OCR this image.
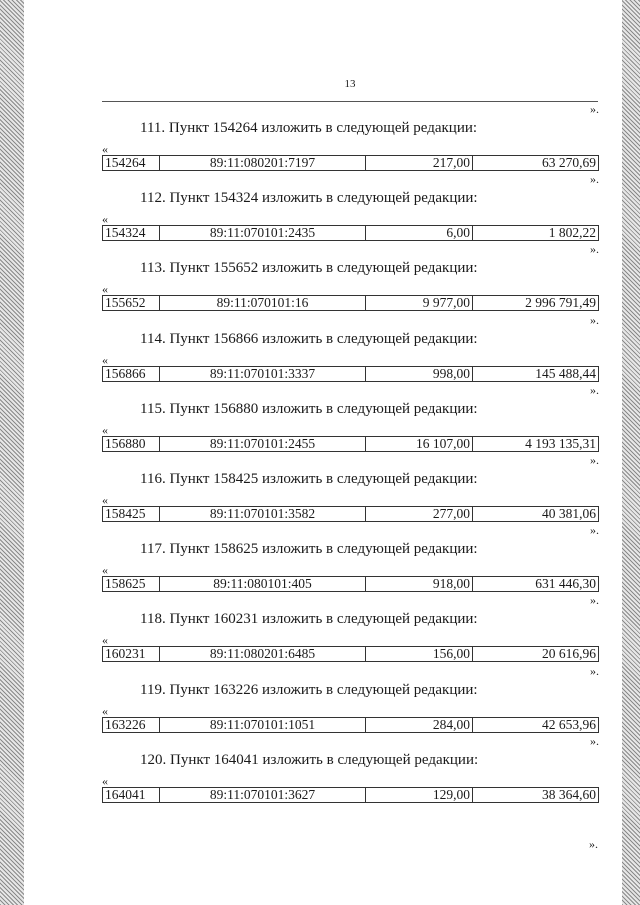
13
».
111. Пункт 154264 изложить в следующей редакции:
«
154264	89:11:080201:7197	217,00	63 270,69
».
112. Пункт 154324 изложить в следующей редакции:
«
154324	89:11:070101:2435	6,00	1 802,22
».
113. Пункт 155652 изложить в следующей редакции:
«
155652	89:11:070101:16	9 977,00	2 996 791,49
».
114. Пункт 156866 изложить в следующей редакции:
«
156866	89:11:070101:3337	998,00	145 488,44
».
115. Пункт 156880 изложить в следующей редакции:
«
156880	89:11:070101:2455	16 107,00	4 193 135,31
».
116. Пункт 158425 изложить в следующей редакции:
«
158425	89:11:070101:3582	277,00	40 381,06
».
117. Пункт 158625 изложить в следующей редакции:
«
158625	89:11:080101:405	918,00	631 446,30
».
118. Пункт 160231 изложить в следующей редакции:
«
160231	89:11:080201:6485	156,00	20 616,96
».
119. Пункт 163226 изложить в следующей редакции:
«
163226	89:11:070101:1051	284,00	42 653,96
».
120. Пункт 164041 изложить в следующей редакции:
«
164041	89:11:070101:3627	129,00	38 364,60
».
